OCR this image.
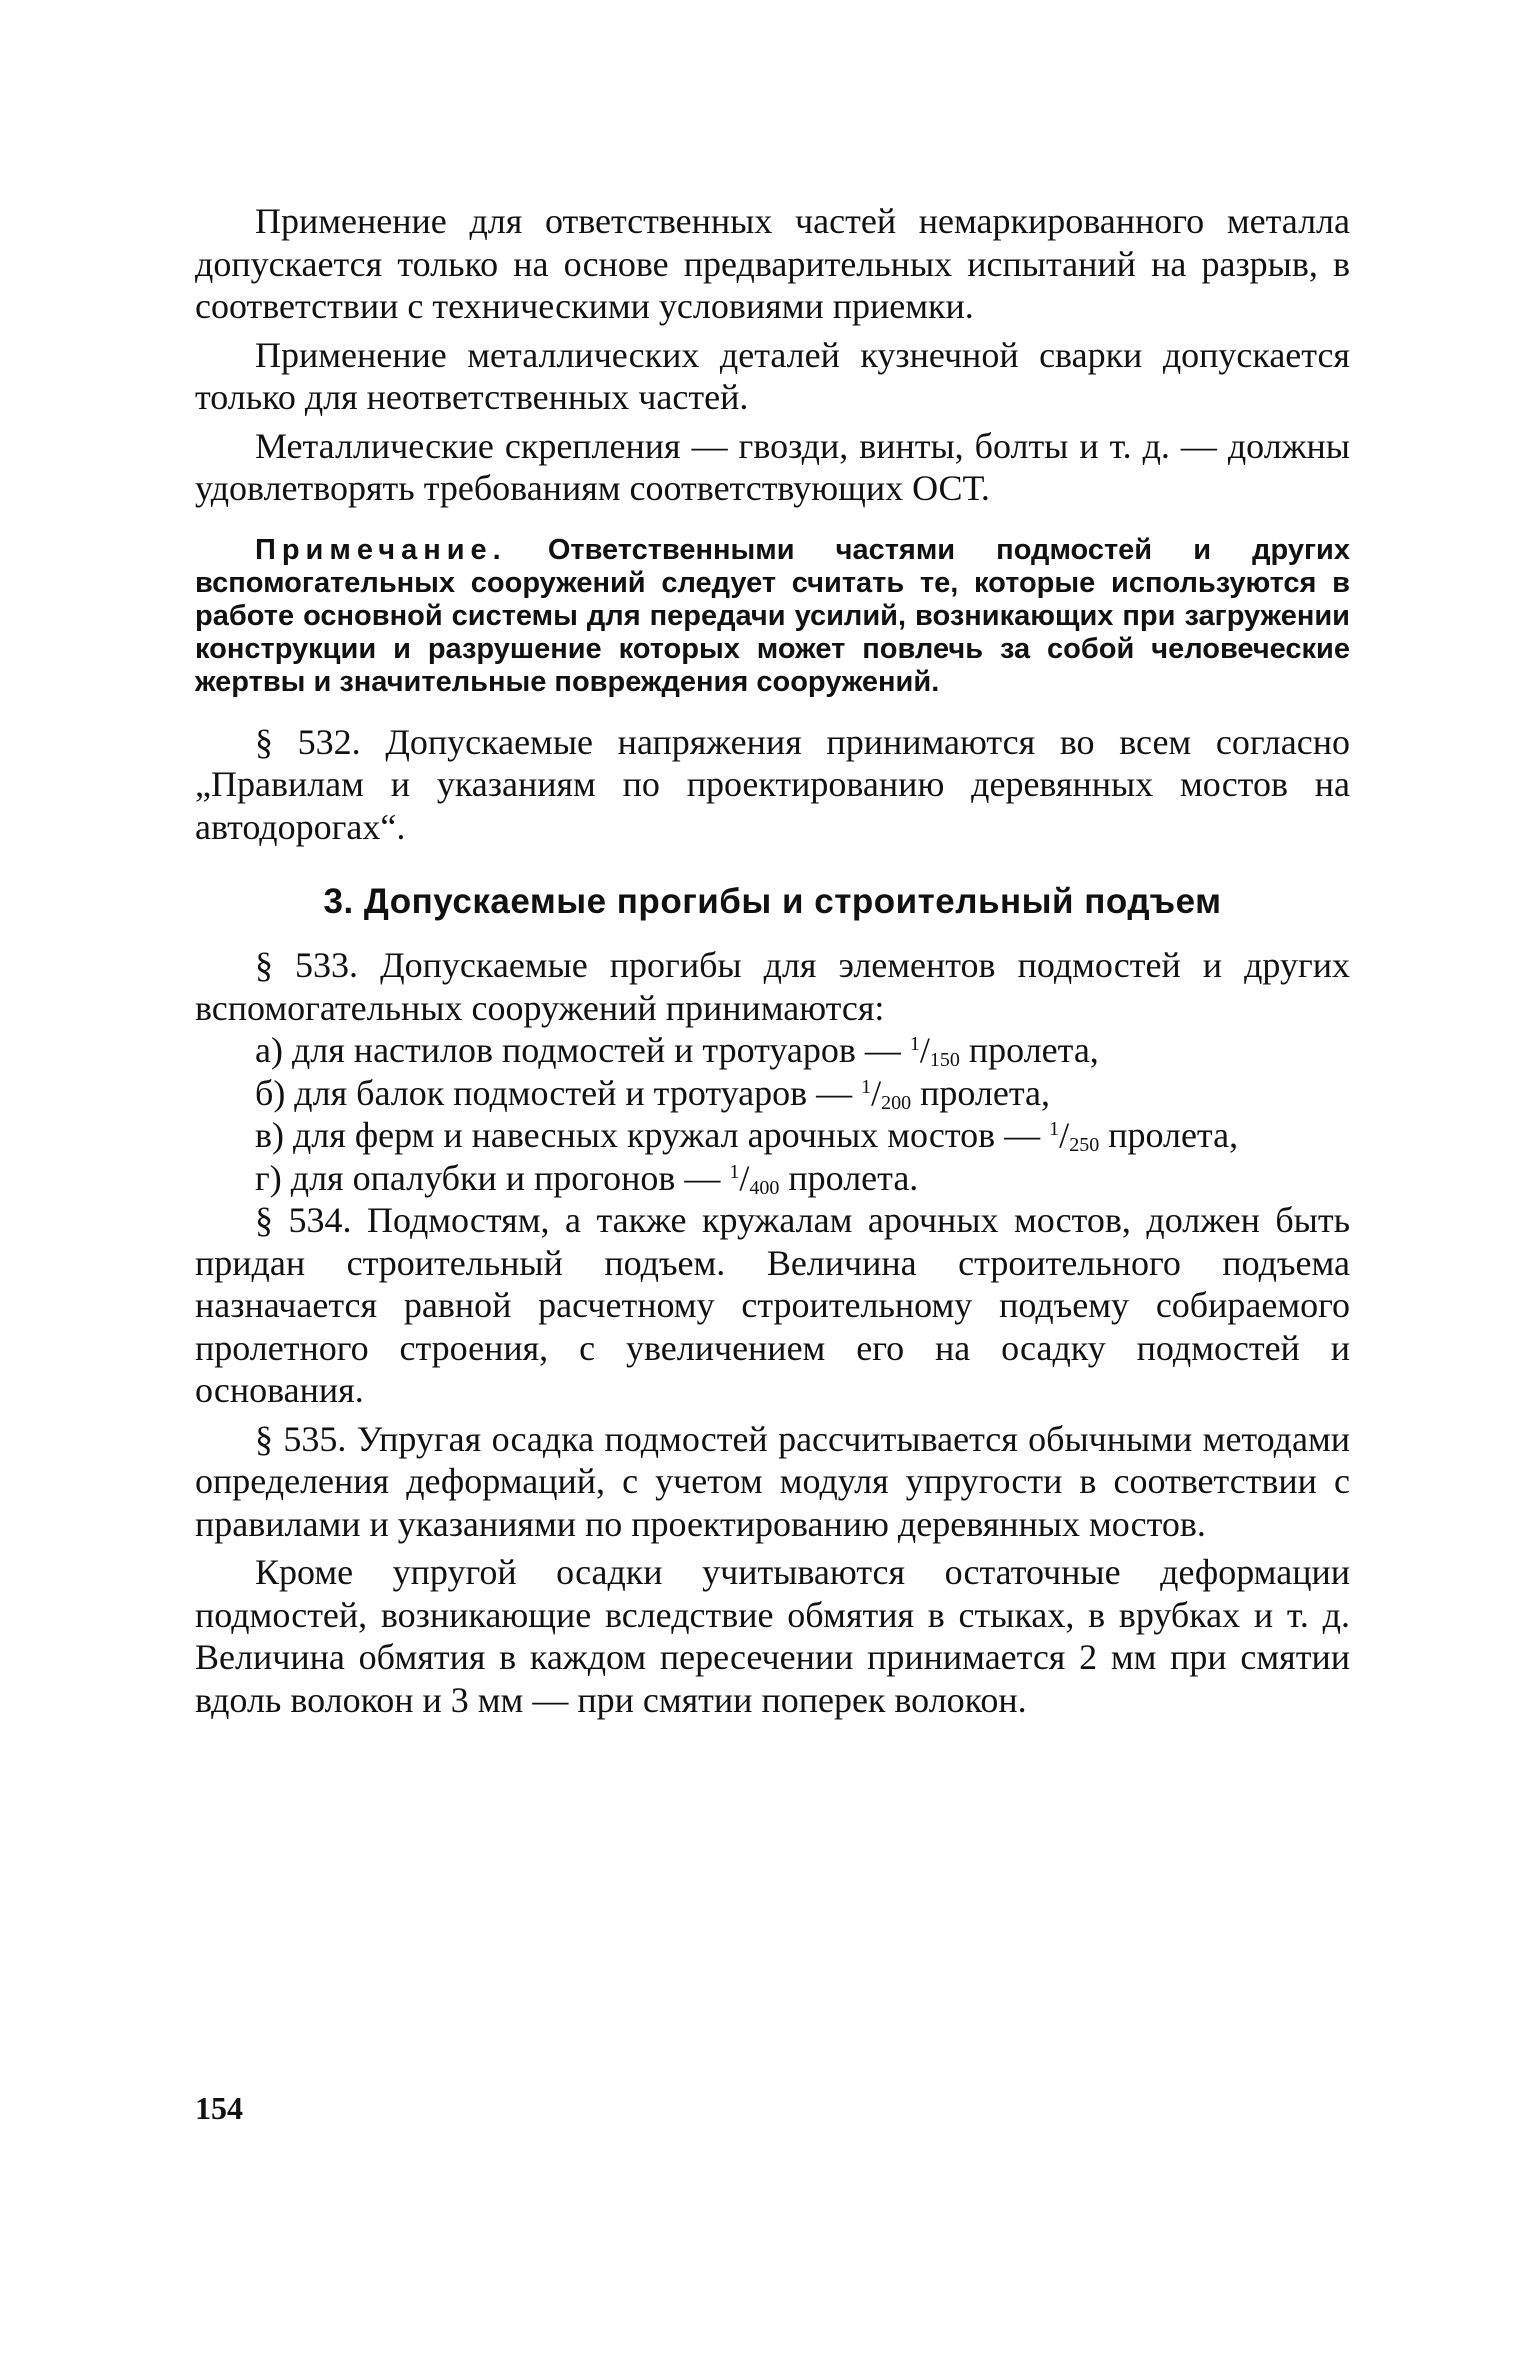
Применение для ответственных частей немаркированного металла допускается только на основе предварительных испытаний на разрыв, в соответствии с техническими условиями приемки.

Применение металлических деталей кузнечной сварки допускается только для неответственных частей.

Металлические скрепления — гвозди, винты, болты и т. д. — должны удовлетворять требованиям соответствующих ОСТ.

Примечание. Ответственными частями подмостей и других вспомогательных сооружений следует считать те, которые используются в работе основной системы для передачи усилий, возникающих при загружении конструкции и разрушение которых может повлечь за собой человеческие жертвы и значительные повреждения сооружений.

§ 532. Допускаемые напряжения принимаются во всем согласно „Правилам и указаниям по проектированию деревянных мостов на автодорогах“.

3. Допускаемые прогибы и строительный подъем

§ 533. Допускаемые прогибы для элементов подмостей и других вспомогательных сооружений принимаются:

а) для настилов подмостей и тротуаров — $^1/_{150}$ пролета,

б) для балок подмостей и тротуаров — $^1/_{200}$ пролета,

в) для ферм и навесных кружал арочных мостов — $^1/_{250}$ пролета,

г) для опалубки и прогонов — $^1/_{400}$ пролета.

§ 534. Подмостям, а также кружалам арочных мостов, должен быть придан строительный подъем. Величина строительного подъема назначается равной расчетному строительному подъему собираемого пролетного строения, с увеличением его на осадку подмостей и основания.

§ 535. Упругая осадка подмостей рассчитывается обычными методами определения деформаций, с учетом модуля упругости в соответствии с правилами и указаниями по проектированию деревянных мостов.

Кроме упругой осадки учитываются остаточные деформации подмостей, возникающие вследствие обмятия в стыках, в врубках и т. д. Величина обмятия в каждом пересечении принимается 2 мм при смятии вдоль волокон и 3 мм — при смятии поперек волокон.

154
